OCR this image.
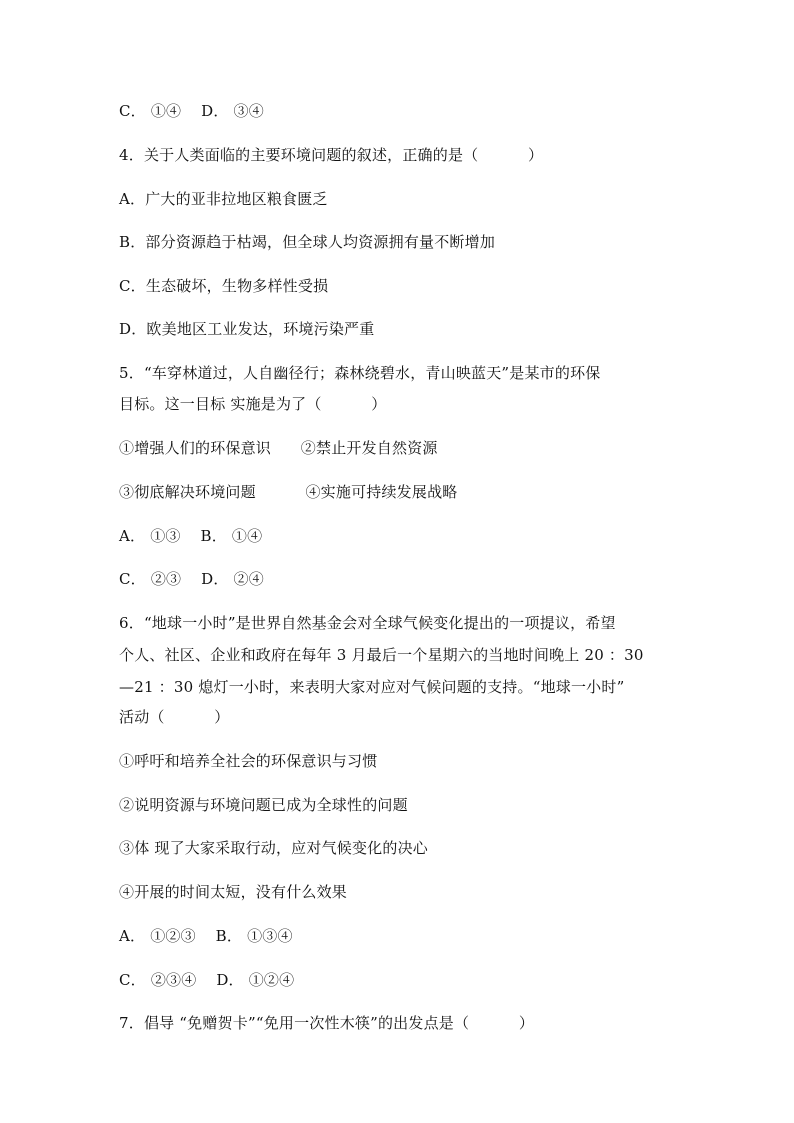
C． ①④    D． ③④
4．关于人类面临的主要环境问题的叙述，正确的是（          ）
A．广大的亚非拉地区粮食匮乏
B．部分资源趋于枯竭，但全球人均资源拥有量不断增加
C．生态破坏，生物多样性受损
D．欧美地区工业发达，环境污染严重
5．“车穿林道过，人自幽径行；森林绕碧水，青山映蓝天”是某市的环保
目标。这一目标 实施是为了（          ）
①增强人们的环保意识      ②禁止开发自然资源
③彻底解决环境问题          ④实施可持续发展战略
A． ①③    B． ①④
C． ②③    D． ②④
6．“地球一小时”是世界自然基金会对全球气候变化提出的一项提议，希望
个人、社区、企业和政府在每年 3 月最后一个星期六的当地时间晚上 20 ：30
—21 ：30 熄灯一小时，来表明大家对应对气候问题的支持。“地球一小时”
活动（          ）
①呼吁和培养全社会的环保意识与习惯
②说明资源与环境问题已成为全球性的问题
③体 现了大家采取行动，应对气候变化的决心
④开展的时间太短，没有什么效果
A． ①②③    B． ①③④
C． ②③④    D． ①②④
7．倡导 “免赠贺卡”“免用一次性木筷”的出发点是（          ）
